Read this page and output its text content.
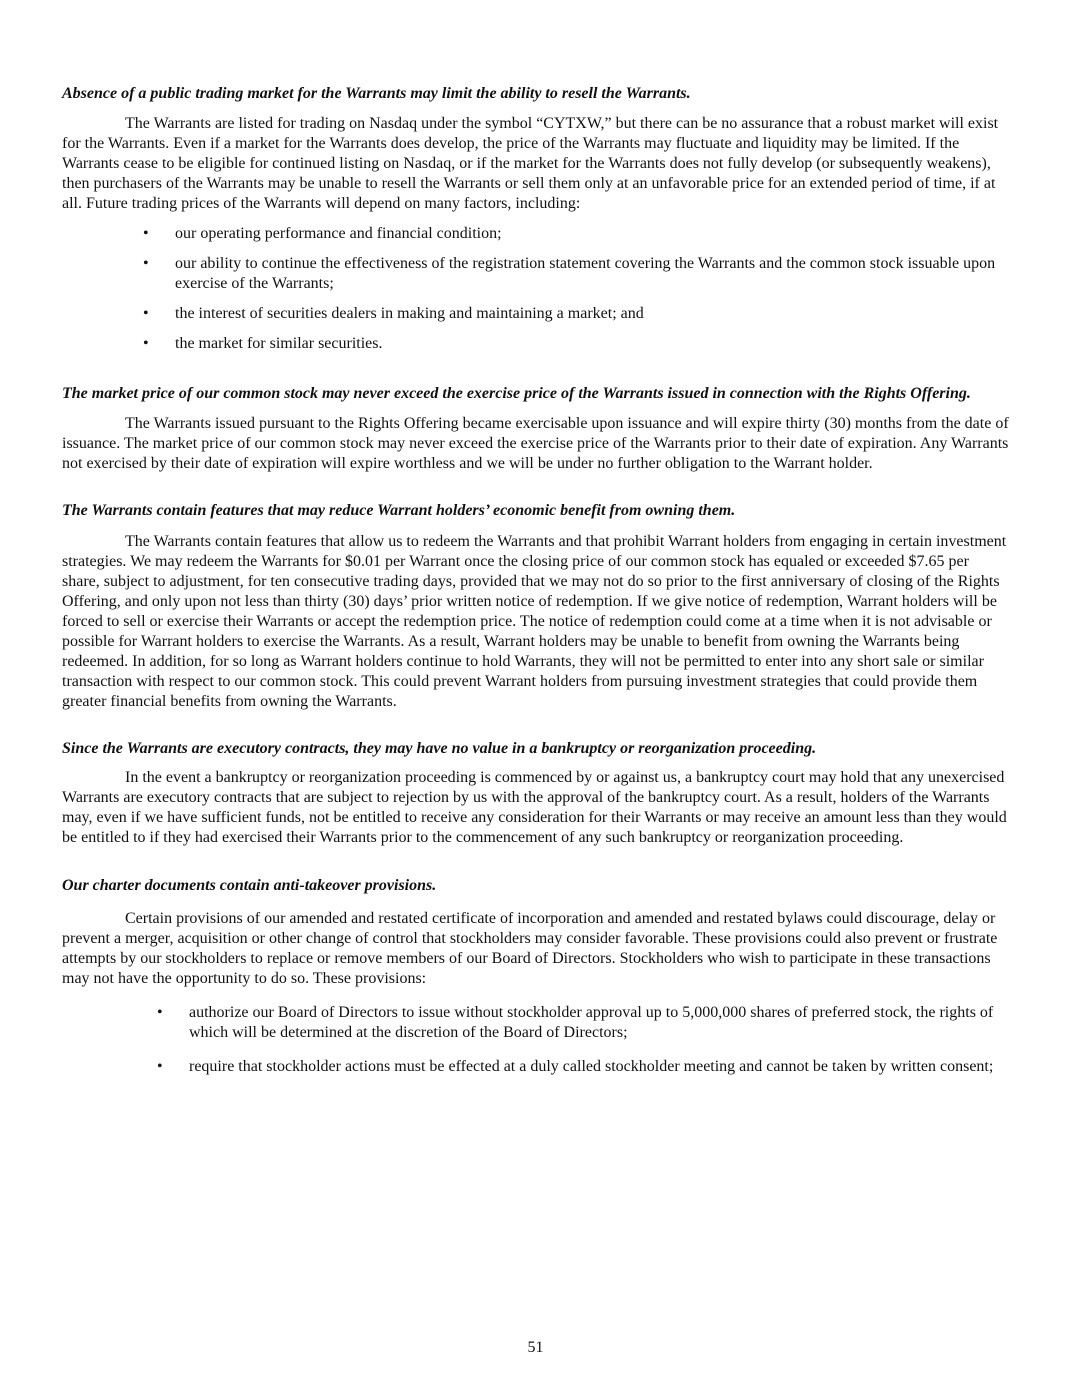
Absence of a public trading market for the Warrants may limit the ability to resell the Warrants.

The Warrants are listed for trading on Nasdaq under the symbol “CYTXW,” but there can be no assurance that a robust market will exist for the Warrants. Even if a market for the Warrants does develop, the price of the Warrants may fluctuate and liquidity may be limited. If the Warrants cease to be eligible for continued listing on Nasdaq, or if the market for the Warrants does not fully develop (or subsequently weakens), then purchasers of the Warrants may be unable to resell the Warrants or sell them only at an unfavorable price for an extended period of time, if at all. Future trading prices of the Warrants will depend on many factors, including:

• our operating performance and financial condition;
• our ability to continue the effectiveness of the registration statement covering the Warrants and the common stock issuable upon exercise of the Warrants;
• the interest of securities dealers in making and maintaining a market; and
• the market for similar securities.
The market price of our common stock may never exceed the exercise price of the Warrants issued in connection with the Rights Offering.

The Warrants issued pursuant to the Rights Offering became exercisable upon issuance and will expire thirty (30) months from the date of issuance. The market price of our common stock may never exceed the exercise price of the Warrants prior to their date of expiration. Any Warrants not exercised by their date of expiration will expire worthless and we will be under no further obligation to the Warrant holder.

The Warrants contain features that may reduce Warrant holders’ economic benefit from owning them.

The Warrants contain features that allow us to redeem the Warrants and that prohibit Warrant holders from engaging in certain investment strategies. We may redeem the Warrants for $0.01 per Warrant once the closing price of our common stock has equaled or exceeded $7.65 per share, subject to adjustment, for ten consecutive trading days, provided that we may not do so prior to the first anniversary of closing of the Rights Offering, and only upon not less than thirty (30) days’ prior written notice of redemption. If we give notice of redemption, Warrant holders will be forced to sell or exercise their Warrants or accept the redemption price. The notice of redemption could come at a time when it is not advisable or possible for Warrant holders to exercise the Warrants. As a result, Warrant holders may be unable to benefit from owning the Warrants being redeemed. In addition, for so long as Warrant holders continue to hold Warrants, they will not be permitted to enter into any short sale or similar transaction with respect to our common stock. This could prevent Warrant holders from pursuing investment strategies that could provide them greater financial benefits from owning the Warrants.

Since the Warrants are executory contracts, they may have no value in a bankruptcy or reorganization proceeding.

In the event a bankruptcy or reorganization proceeding is commenced by or against us, a bankruptcy court may hold that any unexercised Warrants are executory contracts that are subject to rejection by us with the approval of the bankruptcy court. As a result, holders of the Warrants may, even if we have sufficient funds, not be entitled to receive any consideration for their Warrants or may receive an amount less than they would be entitled to if they had exercised their Warrants prior to the commencement of any such bankruptcy or reorganization proceeding.

Our charter documents contain anti-takeover provisions.

Certain provisions of our amended and restated certificate of incorporation and amended and restated bylaws could discourage, delay or prevent a merger, acquisition or other change of control that stockholders may consider favorable. These provisions could also prevent or frustrate attempts by our stockholders to replace or remove members of our Board of Directors. Stockholders who wish to participate in these transactions may not have the opportunity to do so. These provisions:

• authorize our Board of Directors to issue without stockholder approval up to 5,000,000 shares of preferred stock, the rights of which will be determined at the discretion of the Board of Directors;
• require that stockholder actions must be effected at a duly called stockholder meeting and cannot be taken by written consent;
51
